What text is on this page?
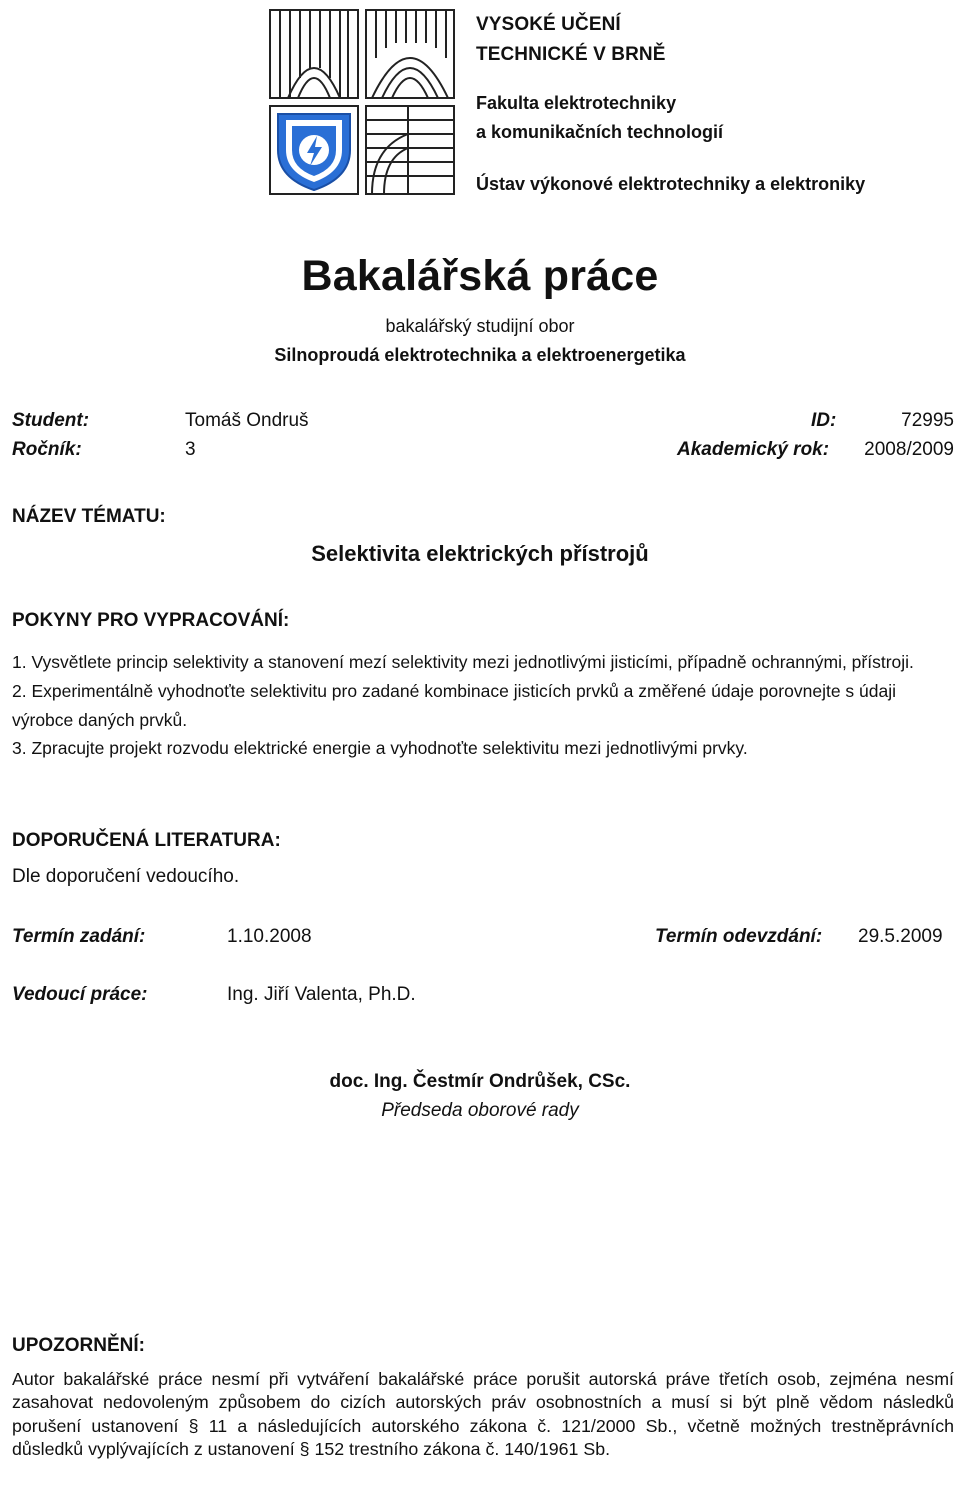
VYSOKÉ UČENÍ
TECHNICKÉ V BRNĚ
Fakulta elektrotechniky
a komunikačních technologií
Ústav výkonové elektrotechniky a elektroniky
Bakalářská práce
bakalářský studijní obor
Silnoproudá elektrotechnika a elektroenergetika
Student:	Tomáš Ondruš	ID:	72995
Ročník:	3	Akademický rok: 2008/2009
NÁZEV TÉMATU:
Selektivita elektrických přístrojů
POKYNY PRO VYPRACOVÁNÍ:

1. Vysvětlete princip selektivity a stanovení mezí selektivity mezi jednotlivými jisticími, případně ochrannými, přístroji.

2. Experimentálně vyhodnoťte selektivitu pro zadané kombinace jisticích prvků a změřené údaje porovnejte s údaji výrobce daných prvků.

3. Zpracujte projekt rozvodu elektrické energie a vyhodnoťte selektivitu mezi jednotlivými prvky.

DOPORUČENÁ LITERATURA:
Dle doporučení vedoucího.
Termín zadání:	1.10.2008	Termín odevzdání: 29.5.2009
Vedoucí práce:	Ing. Jiří Valenta, Ph.D.
doc. Ing. Čestmír Ondrůšek, CSc.
Předseda oborové rady
UPOZORNĚNÍ:
Autor bakalářské práce nesmí při vytváření bakalářské práce porušit autorská práve třetích osob, zejména nesmí zasahovat nedovoleným způsobem do cizích autorských práv osobnostních a musí si být plně vědom následků porušení ustanovení § 11 a následujících autorského zákona č. 121/2000 Sb., včetně možných trestněprávních důsledků vyplývajících z ustanovení § 152 trestního zákona č. 140/1961 Sb.
